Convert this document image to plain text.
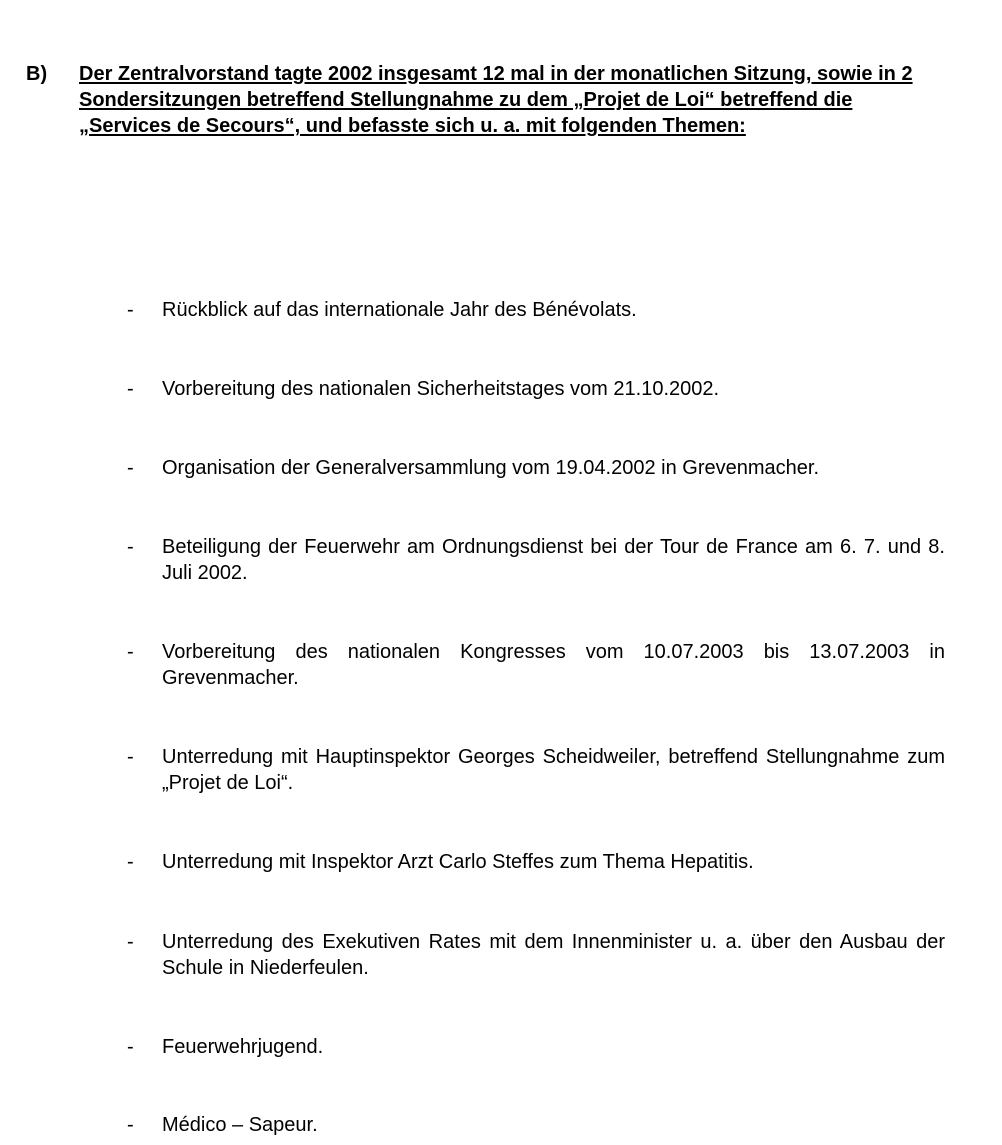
B) Der Zentralvorstand tagte 2002 insgesamt 12 mal in der monatlichen Sitzung, sowie in 2 Sondersitzungen betreffend Stellungnahme zu dem „Projet de Loi“ betreffend die „Services de Secours“, und befasste sich u. a. mit folgenden Themen:
- Rückblick auf das internationale Jahr des Bénévolats.
- Vorbereitung des nationalen Sicherheitstages vom 21.10.2002.
- Organisation der Generalversammlung vom 19.04.2002 in Grevenmacher.
- Beteiligung der Feuerwehr am Ordnungsdienst bei der Tour de France am 6. 7. und 8. Juli 2002.
- Vorbereitung des nationalen Kongresses vom 10.07.2003 bis 13.07.2003 in Grevenmacher.
- Unterredung mit Hauptinspektor Georges Scheidweiler, betreffend Stellungnahme zum „Projet de Loi“.
- Unterredung mit Inspektor Arzt Carlo Steffes zum Thema Hepatitis.
- Unterredung des Exekutiven Rates mit dem Innenminister u. a. über den Ausbau der Schule in Niederfeulen.
- Feuerwehrjugend.
- Médico – Sapeur.
